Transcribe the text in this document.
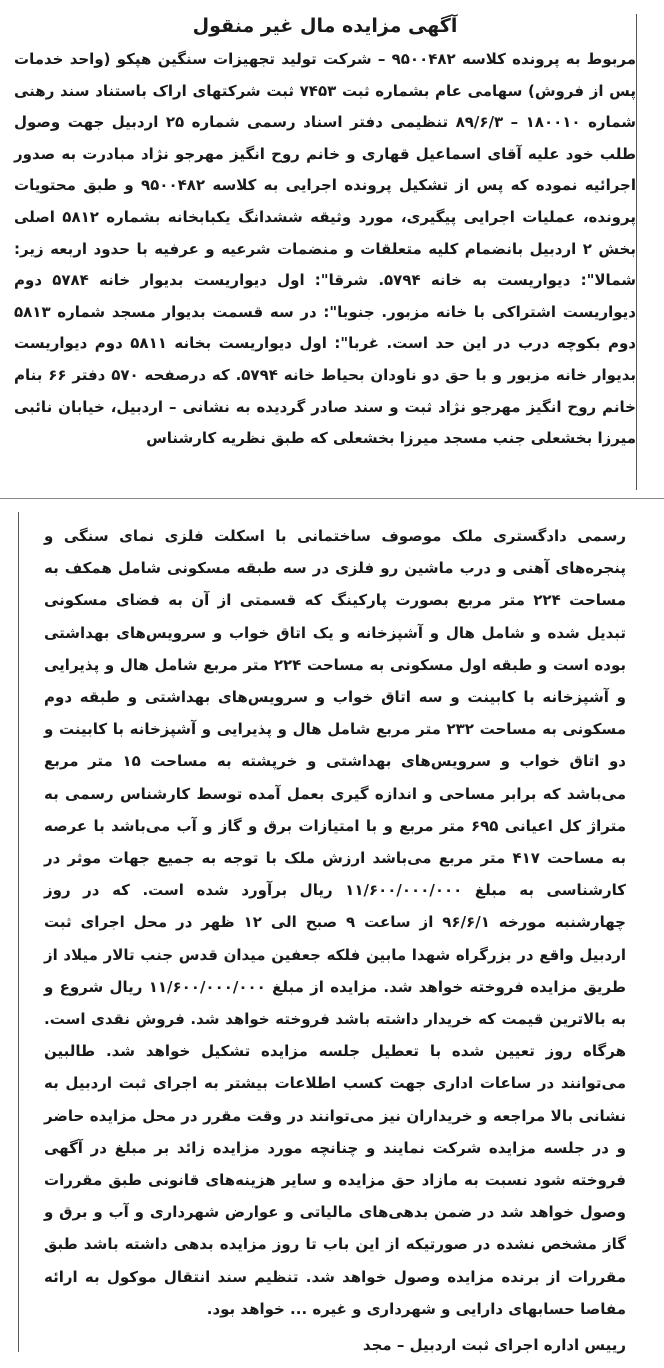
آگهی مزایده مال غیر منقول

مربوط به پرونده کلاسه ۹۵۰۰۴۸۲ – شرکت تولید تجهیزات سنگین هپکو (واحد خدمات پس از فروش) سهامی عام بشماره ثبت ۷۴۵۳ ثبت شرکتهای اراک باستناد سند رهنی شماره ۱۸۰۰۱۰ – ۸۹/۶/۳ تنظیمی دفتر اسناد رسمی شماره ۲۵ اردبیل جهت وصول طلب خود علیه آقای اسماعیل قهاری و خانم روح انگیز مهرجو نژاد مبادرت به صدور اجرائیه نموده که پس از تشکیل پرونده اجرایی به کلاسه ۹۵۰۰۴۸۲ و طبق محتویات پرونده، عملیات اجرایی پیگیری، مورد وثیقه ششدانگ یکبابخانه بشماره ۵۸۱۲ اصلی بخش ۲ اردبیل بانضمام کلیه متعلقات و منضمات شرعیه و عرفیه با حدود اربعه زیر: شمالا": دیواریست به خانه ۵۷۹۴. شرقا": اول دیواریست بدیوار خانه ۵۷۸۴ دوم دیواریست اشتراکی با خانه مزبور. جنوبا": در سه قسمت بدیوار مسجد شماره ۵۸۱۳ دوم بکوچه درب در این حد است. غربا": اول دیواریست بخانه ۵۸۱۱ دوم دیواریست بدیوار خانه مزبور و با حق دو ناودان بحیاط خانه ۵۷۹۴. که درصفحه ۵۷۰ دفتر ۶۶ بنام خانم روح انگیز مهرجو نژاد ثبت و سند صادر گردیده به نشانی – اردبیل، خیابان نائبی میرزا بخشعلی جنب مسجد میرزا بخشعلی که طبق نظریه کارشناس

رسمی دادگستری ملک موصوف ساختمانی با اسکلت فلزی نمای سنگی و پنجره‌های آهنی و درب ماشین رو فلزی در سه طبقه مسکونی شامل همکف به مساحت ۲۲۴ متر مربع بصورت پارکینگ که قسمتی از آن به فضای مسکونی تبدیل شده و شامل هال و آشپزخانه و یک اتاق خواب و سرویس‌های بهداشتی بوده است و طبقه اول مسکونی به مساحت ۲۲۴ متر مربع شامل هال و پذیرایی و آشپزخانه با کابینت و سه اتاق خواب و سرویس‌های بهداشتی و طبقه دوم مسکونی به مساحت ۲۳۲ متر مربع شامل هال و پذیرایی و آشپزخانه با کابینت و دو اتاق خواب و سرویس‌های بهداشتی و خرپشته به مساحت ۱۵ متر مربع می‌باشد که برابر مساحی و اندازه گیری بعمل آمده توسط کارشناس رسمی به متراژ کل اعیانی ۶۹۵ متر مربع و با امتیازات برق و گاز و آب می‌باشد با عرصه به مساحت ۴۱۷ متر مربع می‌باشد ارزش ملک با توجه به جمیع جهات موثر در کارشناسی به مبلغ ۱۱/۶۰۰/۰۰۰/۰۰۰ ریال برآورد شده است. که در روز چهارشنبه مورخه ۹۶/۶/۱ از ساعت ۹ صبح الی ۱۲ ظهر در محل اجرای ثبت اردبیل واقع در بزرگراه شهدا مابین فلکه جعفین میدان قدس جنب تالار میلاد از طریق مزایده فروخته خواهد شد. مزایده از مبلغ ۱۱/۶۰۰/۰۰۰/۰۰۰ ریال شروع و به بالاترین قیمت که خریدار داشته باشد فروخته خواهد شد. فروش نقدی است. هرگاه روز تعیین شده با تعطیل جلسه مزایده تشکیل خواهد شد. طالبین می‌توانند در ساعات اداری جهت کسب اطلاعات بیشتر به اجرای ثبت اردبیل به نشانی بالا مراجعه و خریداران نیز می‌توانند در وقت مقرر در محل مزایده حاضر و در جلسه مزایده شرکت نمایند و چنانچه مورد مزایده زائد بر مبلغ در آگهی فروخته شود نسبت به مازاد حق مزایده و سایر هزینه‌های قانونی طبق مقررات وصول خواهد شد در ضمن بدهی‌های مالیاتی و عوارض شهرداری و آب و برق و گاز مشخص نشده در صورتیکه از این باب تا روز مزایده بدهی داشته باشد طبق مقررات از برنده مزایده وصول خواهد شد. تنظیم سند انتقال موکول به ارائه مفاصا حسابهای دارایی و شهرداری و غیره ... خواهد بود.

رییس اداره اجرای ثبت اردبیل – مجد
